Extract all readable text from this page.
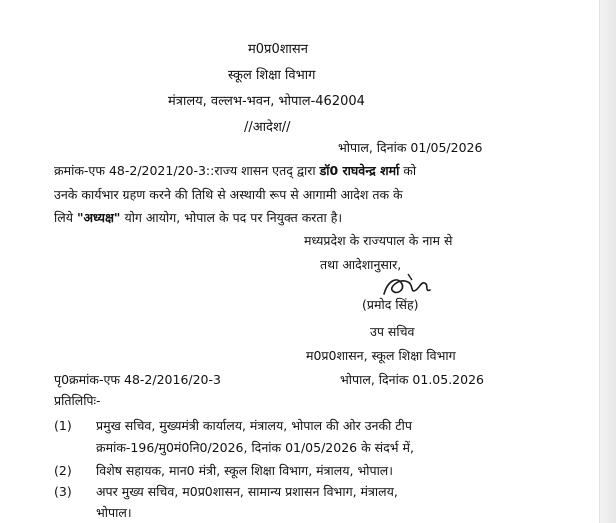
म0प्र0शासन
स्कूल शिक्षा विभाग
मंत्रालय, वल्लभ-भवन, भोपाल-462004
//आदेश//
भोपाल, दिनांक 01/05/2026
क्रमांक-एफ 48-2/2021/20-3::राज्य शासन एतद् द्वारा डॉ0 राघवेन्द्र शर्मा को
उनके कार्यभार ग्रहण करने की तिथि से अस्थायी रूप से आगामी आदेश तक के
लिये "अध्यक्ष" योग आयोग, भोपाल के पद पर नियुक्त करता है।
मध्यप्रदेश के राज्यपाल के नाम से
तथा आदेशानुसार,
(प्रमोद सिंह)
उप सचिव
म0प्र0शासन, स्कूल शिक्षा विभाग
पृ0क्रमांक-एफ 48-2/2016/20-3	भोपाल, दिनांक 01.05.2026
प्रतिलिपिः-
(1) प्रमुख सचिव, मुख्यमंत्री कार्यालय, मंत्रालय, भोपाल की ओर उनकी टीप
क्रमांक-196/मु0मं0नि0/2026, दिनांक 01/05/2026 के संदर्भ में,
(2) विशेष सहायक, मान0 मंत्री, स्कूल शिक्षा विभाग, मंत्रालय, भोपाल।
(3) अपर मुख्य सचिव, म0प्र0शासन, सामान्य प्रशासन विभाग, मंत्रालय,
भोपाल।
